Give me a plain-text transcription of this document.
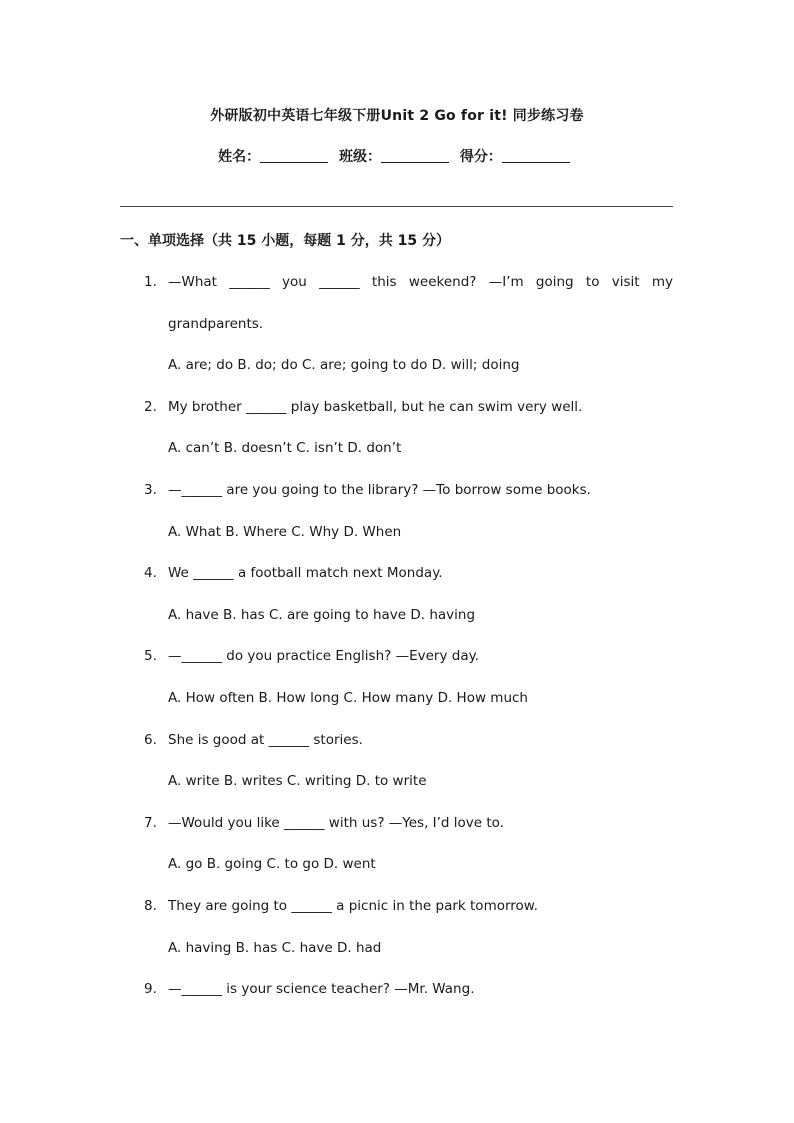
外研版初中英语七年级下册Unit 2 Go for it! 同步练习卷
姓名：	班级：	得分：
一、单项选择（共 15 小题，每题 1 分，共 15 分）
1. —What ______ you ______ this weekend? —I’m going to visit my
grandparents.
A. are; do B. do; do C. are; going to do D. will; doing
2. My brother ______ play basketball, but he can swim very well.
A. can’t B. doesn’t C. isn’t D. don’t
3. —______ are you going to the library? —To borrow some books.
A. What B. Where C. Why D. When
4. We ______ a football match next Monday.
A. have B. has C. are going to have D. having
5. —______ do you practice English? —Every day.
A. How often B. How long C. How many D. How much
6. She is good at ______ stories.
A. write B. writes C. writing D. to write
7. —Would you like ______ with us? —Yes, I’d love to.
A. go B. going C. to go D. went
8. They are going to ______ a picnic in the park tomorrow.
A. having B. has C. have D. had
9. —______ is your science teacher? —Mr. Wang.
